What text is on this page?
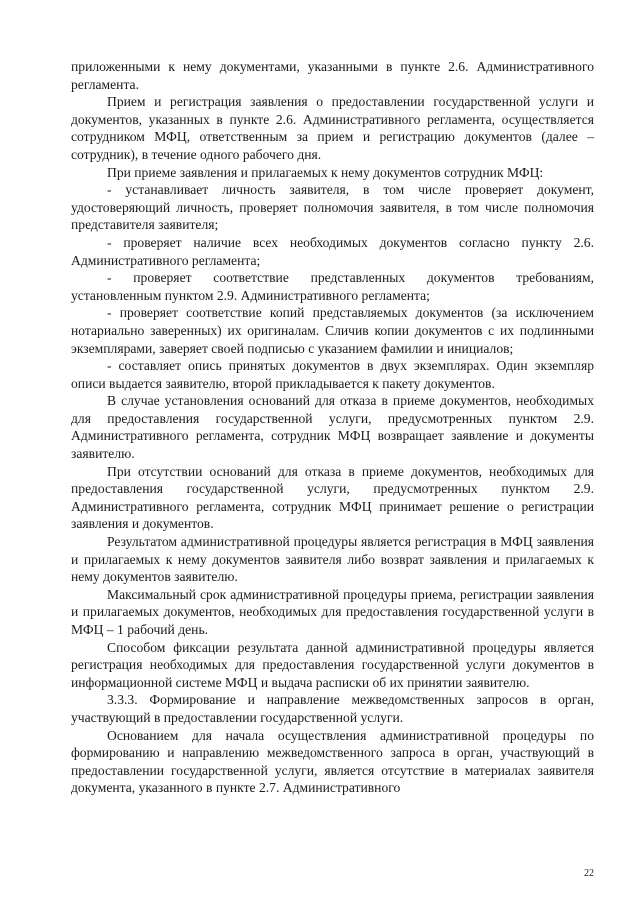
приложенными к нему документами, указанными в пункте 2.6. Административного регламента.

Прием и регистрация заявления о предоставлении государственной услуги и документов, указанных в пункте 2.6. Административного регламента, осуществляется сотрудником МФЦ, ответственным за прием и регистрацию документов (далее – сотрудник), в течение одного рабочего дня.

При приеме заявления и прилагаемых к нему документов сотрудник МФЦ:

- устанавливает личность заявителя, в том числе проверяет документ, удостоверяющий личность, проверяет полномочия заявителя, в том числе полномочия представителя заявителя;

- проверяет наличие всех необходимых документов согласно пункту 2.6. Административного регламента;

- проверяет соответствие представленных документов требованиям, установленным пунктом 2.9. Административного регламента;

- проверяет соответствие копий представляемых документов (за исключением нотариально заверенных) их оригиналам. Сличив копии документов с их подлинными экземплярами, заверяет своей подписью с указанием фамилии и инициалов;

- составляет опись принятых документов в двух экземплярах. Один экземпляр описи выдается заявителю, второй прикладывается к пакету документов.

В случае установления оснований для отказа в приеме документов, необходимых для предоставления государственной услуги, предусмотренных пунктом 2.9. Административного регламента, сотрудник МФЦ возвращает заявление и документы заявителю.

При отсутствии оснований для отказа в приеме документов, необходимых для предоставления государственной услуги, предусмотренных пунктом 2.9. Административного регламента, сотрудник МФЦ принимает решение о регистрации заявления и документов.

Результатом административной процедуры является регистрация в МФЦ заявления и прилагаемых к нему документов заявителя либо возврат заявления и прилагаемых к нему документов заявителю.

Максимальный срок административной процедуры приема, регистрации заявления и прилагаемых документов, необходимых для предоставления государственной услуги в МФЦ – 1 рабочий день.

Способом фиксации результата данной административной процедуры является регистрация необходимых для предоставления государственной услуги документов в информационной системе МФЦ и выдача расписки об их принятии заявителю.

3.3.3. Формирование и направление межведомственных запросов в орган, участвующий в предоставлении государственной услуги.

Основанием для начала осуществления административной процедуры по формированию и направлению межведомственного запроса в орган, участвующий в предоставлении государственной услуги, является отсутствие в материалах заявителя документа, указанного в пункте 2.7. Административного

22
